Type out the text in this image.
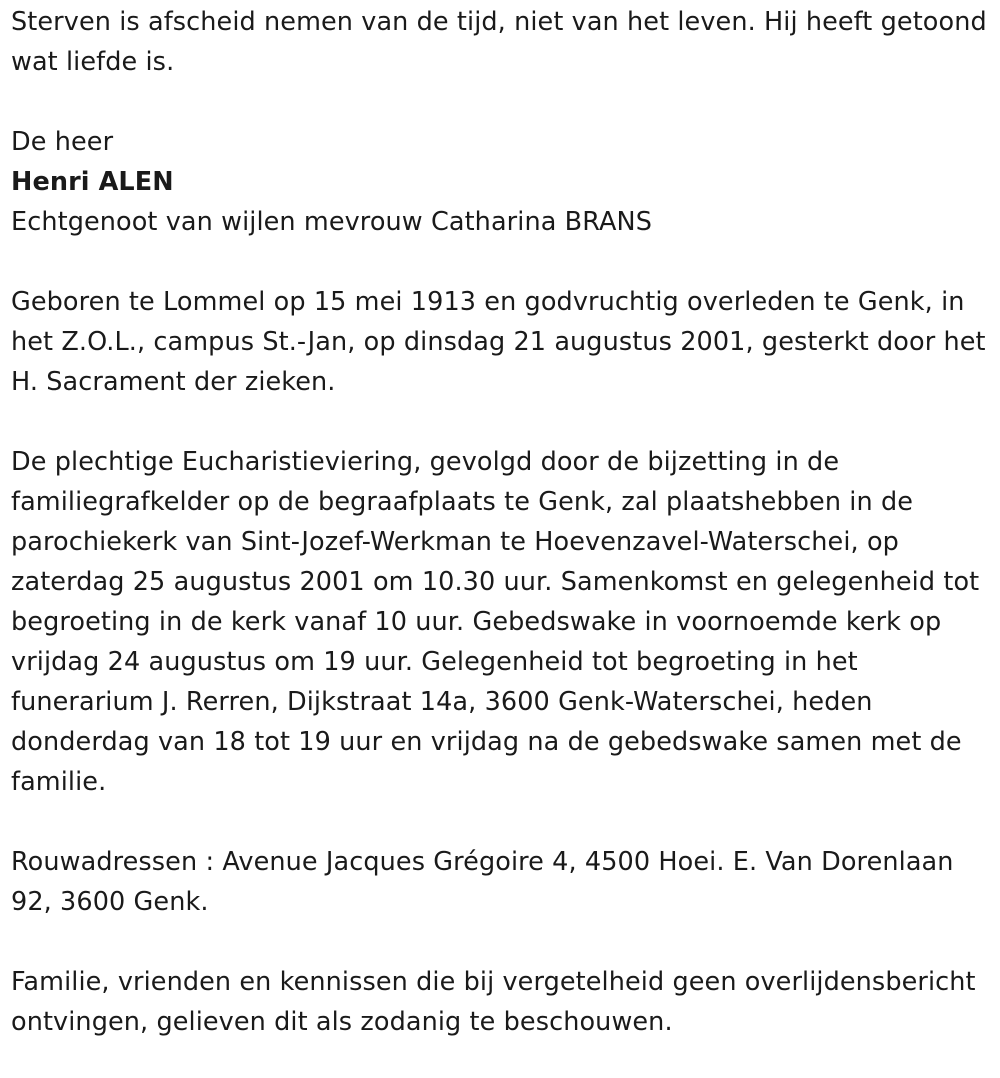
Sterven is afscheid nemen van de tijd, niet van het leven. Hij heeft getoond wat liefde is.

De heer

Henri ALEN

Echtgenoot van wijlen mevrouw Catharina BRANS

Geboren te Lommel op 15 mei 1913 en godvruchtig overleden te Genk, in het Z.O.L., campus St.-Jan, op dinsdag 21 augustus 2001, gesterkt door het H. Sacrament der zieken.

De plechtige Eucharistieviering, gevolgd door de bijzetting in de familiegrafkelder op de begraafplaats te Genk, zal plaatshebben in de parochiekerk van Sint-Jozef-Werkman te Hoevenzavel-Waterschei, op zaterdag 25 augustus 2001 om 10.30 uur. Samenkomst en gelegenheid tot begroeting in de kerk vanaf 10 uur. Gebedswake in voornoemde kerk op vrijdag 24 augustus om 19 uur. Gelegenheid tot begroeting in het funerarium J. Rerren, Dijkstraat 14a, 3600 Genk-Waterschei, heden donderdag van 18 tot 19 uur en vrijdag na de gebedswake samen met de familie.

Rouwadressen : Avenue Jacques Grégoire 4, 4500 Hoei. E. Van Dorenlaan 92, 3600 Genk.

Familie, vrienden en kennissen die bij vergetelheid geen overlijdensbericht ontvingen, gelieven dit als zodanig te beschouwen.
